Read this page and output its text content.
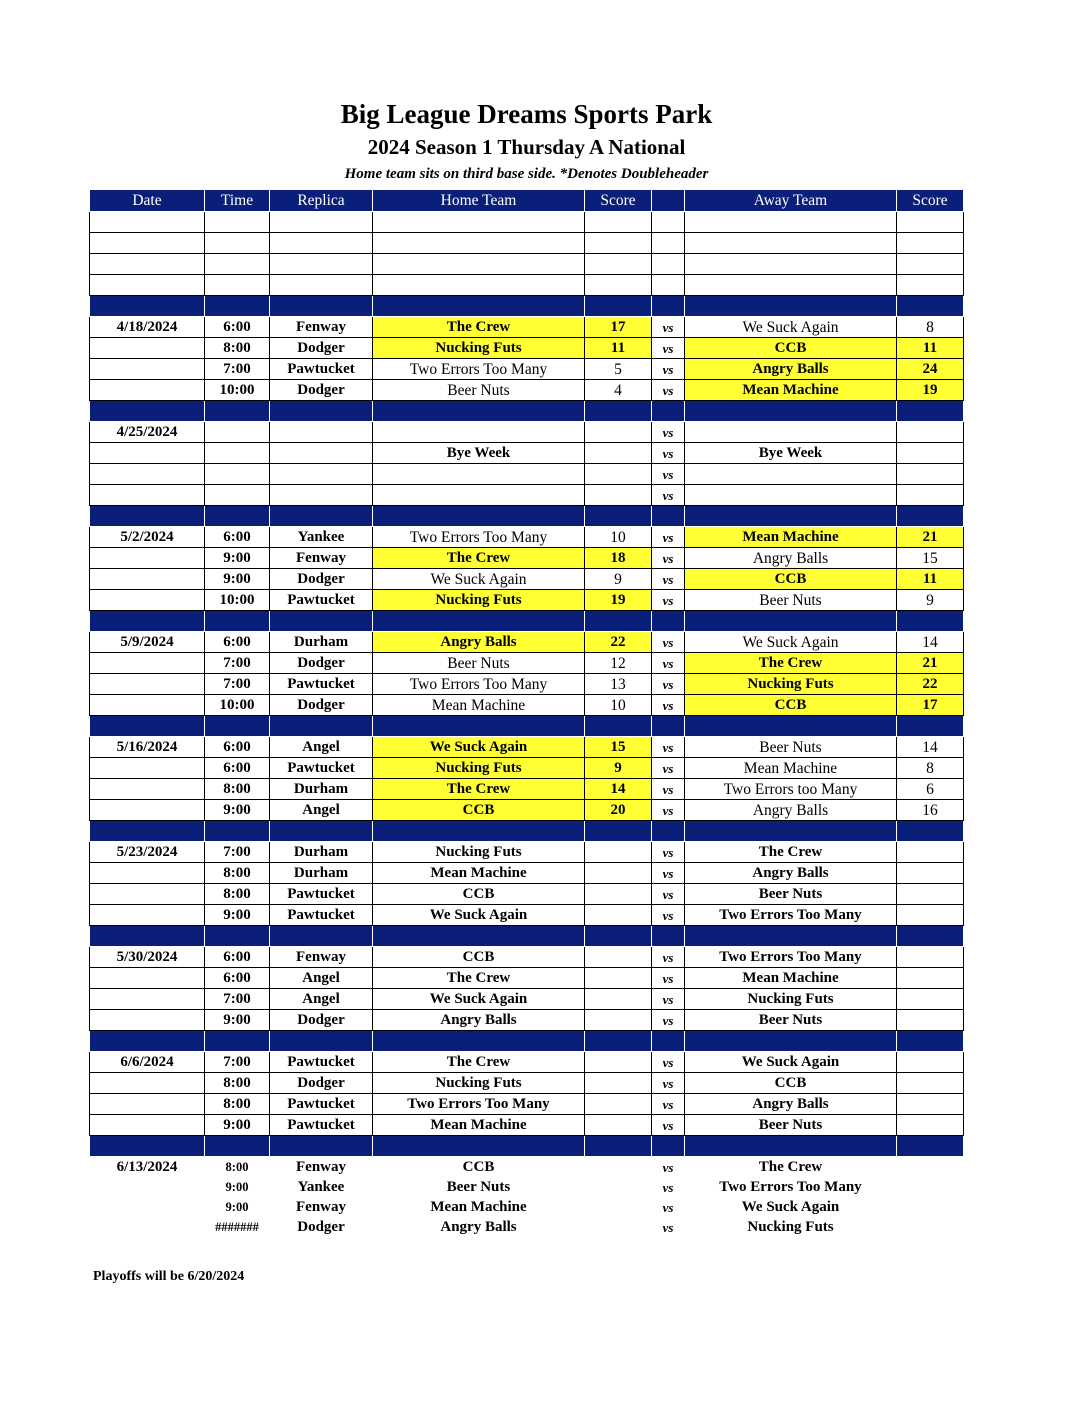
Big League Dreams Sports Park
2024 Season 1 Thursday A National
Home team sits on third base side. *Denotes Doubleheader
Date	Time	Replica	Home Team	Score		Away Team	Score

4/18/2024	6:00	Fenway	The Crew	17	vs	We Suck Again	8
	8:00	Dodger	Nucking Futs	11	vs	CCB	11
	7:00	Pawtucket	Two Errors Too Many	5	vs	Angry Balls	24
	10:00	Dodger	Beer Nuts	4	vs	Mean Machine	19

4/25/2024					vs		
			Bye Week		vs	Bye Week	
					vs		
					vs		

5/2/2024	6:00	Yankee	Two Errors Too Many	10	vs	Mean Machine	21
	9:00	Fenway	The Crew	18	vs	Angry Balls	15
	9:00	Dodger	We Suck Again	9	vs	CCB	11
	10:00	Pawtucket	Nucking Futs	19	vs	Beer Nuts	9

5/9/2024	6:00	Durham	Angry Balls	22	vs	We Suck Again	14
	7:00	Dodger	Beer Nuts	12	vs	The Crew	21
	7:00	Pawtucket	Two Errors Too Many	13	vs	Nucking Futs	22
	10:00	Dodger	Mean Machine	10	vs	CCB	17

5/16/2024	6:00	Angel	We Suck Again	15	vs	Beer Nuts	14
	6:00	Pawtucket	Nucking Futs	9	vs	Mean Machine	8
	8:00	Durham	The Crew	14	vs	Two Errors too Many	6
	9:00	Angel	CCB	20	vs	Angry Balls	16

5/23/2024	7:00	Durham	Nucking Futs		vs	The Crew	
	8:00	Durham	Mean Machine		vs	Angry Balls	
	8:00	Pawtucket	CCB		vs	Beer Nuts	
	9:00	Pawtucket	We Suck Again		vs	Two Errors Too Many	

5/30/2024	6:00	Fenway	CCB		vs	Two Errors Too Many	
	6:00	Angel	The Crew		vs	Mean Machine	
	7:00	Angel	We Suck Again		vs	Nucking Futs	
	9:00	Dodger	Angry Balls		vs	Beer Nuts	

6/6/2024	7:00	Pawtucket	The Crew		vs	We Suck Again	
	8:00	Dodger	Nucking Futs		vs	CCB	
	8:00	Pawtucket	Two Errors Too Many		vs	Angry Balls	
	9:00	Pawtucket	Mean Machine		vs	Beer Nuts	

6/13/2024	8:00	Fenway	CCB		vs	The Crew	
	9:00	Yankee	Beer Nuts		vs	Two Errors Too Many	
	9:00	Fenway	Mean Machine		vs	We Suck Again	
	#######	Dodger	Angry Balls		vs	Nucking Futs	
Playoffs will be 6/20/2024
